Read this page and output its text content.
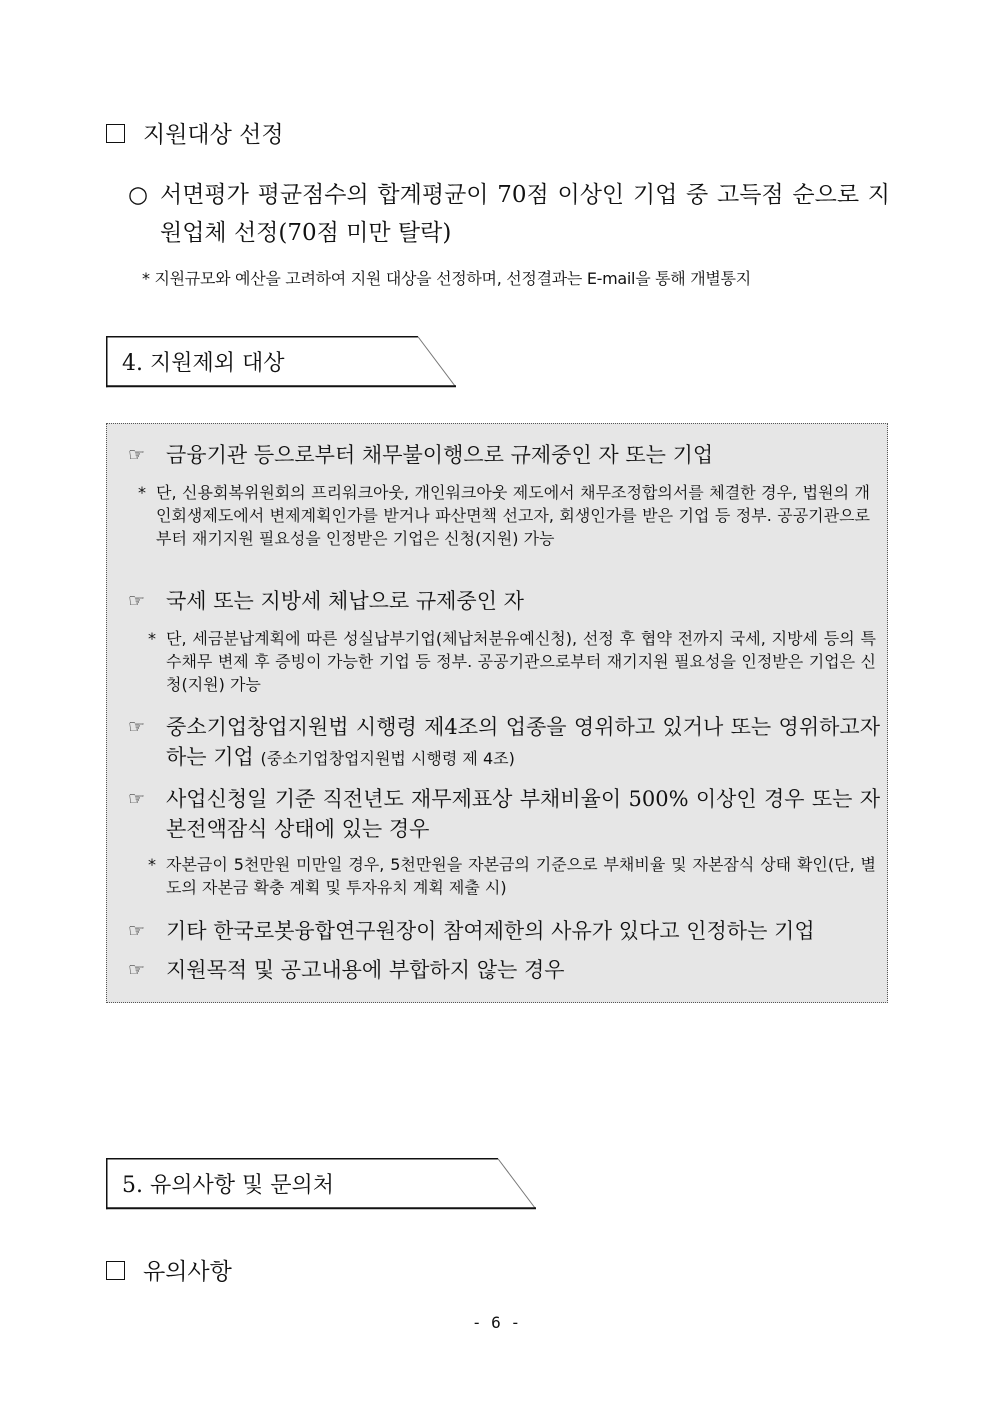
지원대상 선정
○ 서면평가 평균점수의 합계평균이 70점 이상인 기업 중 고득점 순으로 지원업체 선정(70점 미만 탈락)
* 지원규모와 예산을 고려하여 지원 대상을 선정하며, 선정결과는 E-mail을 통해 개별통지
4. 지원제외 대상
☞ 금융기관 등으로부터 채무불이행으로 규제중인 자 또는 기업
* 단, 신용회복위원회의 프리워크아웃, 개인워크아웃 제도에서 채무조정합의서를 체결한 경우, 법원의 개인회생제도에서 변제계획인가를 받거나 파산면책 선고자, 회생인가를 받은 기업 등 정부. 공공기관으로부터 재기지원 필요성을 인정받은 기업은 신청(지원) 가능
☞ 국세 또는 지방세 체납으로 규제중인 자
* 단, 세금분납계획에 따른 성실납부기업(체납처분유예신청), 선정 후 협약 전까지 국세, 지방세 등의 특수채무 변제 후 증빙이 가능한 기업 등 정부. 공공기관으로부터 재기지원 필요성을 인정받은 기업은 신청(지원) 가능
☞ 중소기업창업지원법 시행령 제4조의 업종을 영위하고 있거나 또는 영위하고자 하는 기업 (중소기업창업지원법 시행령 제 4조)
☞ 사업신청일 기준 직전년도 재무제표상 부채비율이 500% 이상인 경우 또는 자본전액잠식 상태에 있는 경우
* 자본금이 5천만원 미만일 경우, 5천만원을 자본금의 기준으로 부채비율 및 자본잠식 상태 확인(단, 별도의 자본금 확충 계획 및 투자유치 계획 제출 시)
☞ 기타 한국로봇융합연구원장이 참여제한의 사유가 있다고 인정하는 기업
☞ 지원목적 및 공고내용에 부합하지 않는 경우
5. 유의사항 및 문의처
유의사항
- 6 -
